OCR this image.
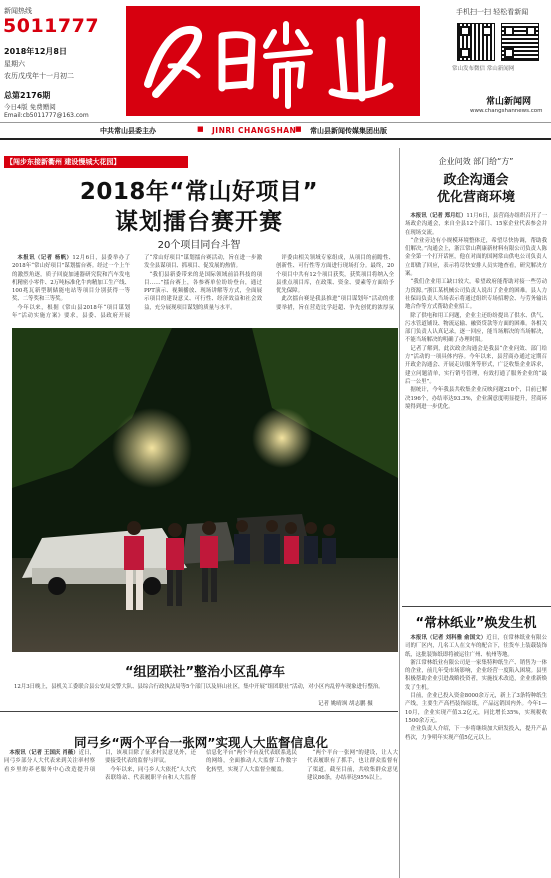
新闻热线
5011777
2018年12月8日
星期六
农历戊戌年十一月初二
总第2176期
今日4版 免费赠阅
Email:cb5011777@163.com
手机扫一扫 轻松看新闻
常山发布微信 常山新闻网
常山新闻网
www.changshannews.com
中共常山县委主办	■ JINRI CHANGSHAN
■ 常山县新闻传媒集团出版
【闯步东接新衢州 建设慢城大花园】
2018年“常山好项目”
谋划擂台赛开赛
20个项目同台斗智

本报讯（记者 杨帆）12月6日，县委举办了2018年“常山好项目”谋划擂台赛。经过一个上午的激烈角逐，质子回旋加速器研究院和汽车发电机精密小零件、2万吨标准化牛肉精加工生产线、100兆瓦新型制储能电站等项目分别获得一等奖、二等奖和三等奖。

今年以来，根据《常山县2018年“项目谋划年”活动实施方案》要求，县委、县政府开展了“常山好项目”谋划擂台赛活动，旨在进一步激发全县谋项目、抓项目、促发展的热情。

“我们县新委带来的是国际领域前沿科技的项目……”擂台赛上，各参赛单位纷纷登台，通过PPT演示、视频播放、现场讲解等方式，全面展示项目的建设意义、可行性、经济效益和社会效益，充分展现项目谋划的质量与水平。

评委由相关领域专家组成，从项目的前瞻性、创新性、可行性等方面进行现场打分。最终，20个项目中共有12个项目获奖，获奖项目将纳入全县重点项目库，在政策、资金、要素等方面给予优先保障。

此次擂台赛是我县推进“项目谋划年”活动的重要举措，旨在营造比学赶超、争先创优的浓厚氛

“组团联社”整治小区乱停车
12月3日晚上，县机关工委联合县公安局交警大队、县综合行政执法局等5个部门以及屏山社区，集中开展“组团联社”活动，对小区内乱停车现象进行整治。
记者 姚晴飒 胡志鹏 摄
同弓乡“两个平台一张网”实现人大监督信息化

本报讯（记者 王国庆 肖薇）近日，同弓乡部分人大代表来到关注率村察看乡里的养老服务中心改造提升项目，该项目除了征求村民意见外，还要接受代表的监督与评议。

今年以来，同弓乡人大依托“人大代表联络站、代表履职平台和人大监督信息化平台”两个平台及代表联系选民的网络，全面推动人大监督工作数字化转型，实现了人大监督全覆盖。

“两个平台一张网”的建设，让人大代表履职有了抓手，也让群众监督有了渠道。截至目前，共收集群众意见建议86条，办结率达95%以上。

企业问效 部门给“方”
政企沟通会
优化营商环境

本报讯（记者 郑月红）11月6日，县营商办组织召开了一场政企沟通会，来自全县12个部门、15家企业代表参会并在现场交流。

“企业旁边有小规模环境整体迁，希望尽快协调，帮助我们解决。”沟通会上，浙江常山利康新材料有限公司负责人陈金全第一个打开话匣，他在对面的国网常山供电公司负责人立即做了回应，表示将尽快安排人员实地查看，研究解决方案。

“我们企业用工缺口较大，希望政府能帮助对接一些劳动力资源。”浙江某机械公司负责人说出了企业的困难。县人力社保局负责人当场表示将通过组织专场招聘会、与劳务输出地合作等方式帮助企业招工。

除了供电和用工问题，企业主还纷纷提出了供水、供气、污水管道铺设、物流运输、融资贷款等方面的困难。各相关部门负责人认真记录，逐一回应，能当场解决的当场解决，不能当场解决的明确了办理时限。

记者了解到，此次政企沟通会是我县“企业问效、部门给方”活动的一项具体内容。今年以来，县营商办通过定期召开政企沟通会、开展走访服务等形式，广泛收集企业诉求，建立问题清单，实行销号管理，有效打通了服务企业的“最后一公里”。

据统计，今年我县共收集企业反映问题210个，目前已解决196个，办结率达93.3%，企业满意度明显提升，营商环境得到进一步优化。

“常林纸业”焕发生机

本报讯（记者 刘科雅 俞国文）近日，在常林纸业有限公司的厂区内，几名工人在文车的配合下，往货车上装载装饰纸，这批装饰纸即将被运往广州、杭州等地。

浙江常林纸业有限公司是一家集特种纸生产、销售为一体的企业，前几年受市场影响，企业经营一度陷入困境。县里积极帮助企业引进战略投资者，实施技术改造，企业重新焕发了生机。

目前，企业已投入资金8000余万元，新上了3条特种纸生产线，主要生产高档装饰原纸，产品远销国内外。今年1—10月，企业实现产值3.2亿元，同比增长35%，实现税收1500余万元。

企业负责人介绍，下一步将继续加大研发投入，提升产品档次，力争明年实现产值5亿元以上。
